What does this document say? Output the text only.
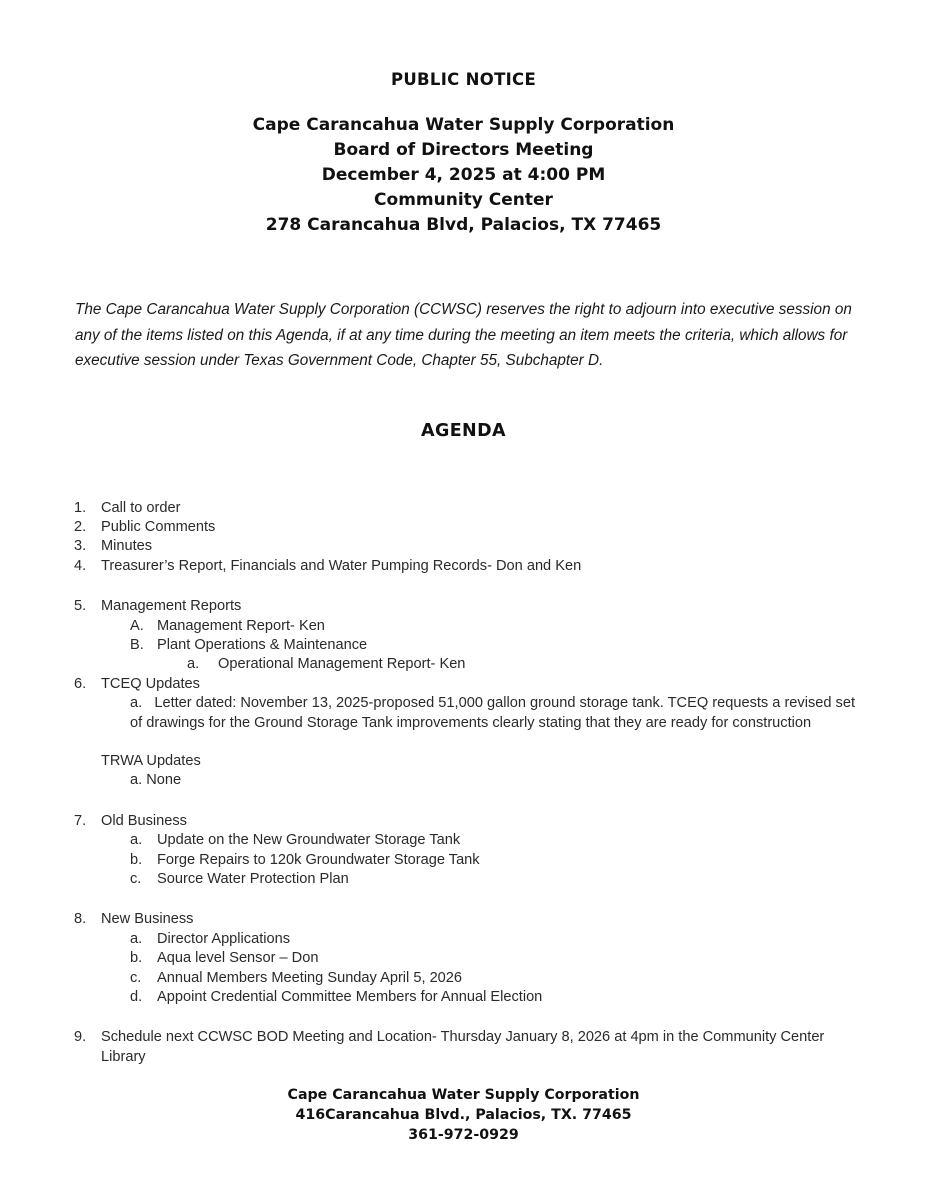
PUBLIC NOTICE
Cape Carancahua Water Supply Corporation
Board of Directors Meeting
December 4, 2025 at 4:00 PM
Community Center
278 Carancahua Blvd, Palacios, TX 77465
The Cape Carancahua Water Supply Corporation (CCWSC) reserves the right to adjourn into executive session on any of the items listed on this Agenda, if at any time during the meeting an item meets the criteria, which allows for executive session under Texas Government Code, Chapter 55, Subchapter D.
AGENDA
1.	Call to order
2.	Public Comments
3.	Minutes
4.	Treasurer’s Report, Financials and Water Pumping Records- Don and Ken
5.	Management Reports
A. Management Report- Ken
B. Plant Operations & Maintenance
a.	Operational Management Report- Ken
6.	TCEQ Updates
a.   Letter dated: November 13, 2025-proposed 51,000 gallon ground storage tank. TCEQ requests a revised set of drawings for the Ground Storage Tank improvements clearly stating that they are ready for construction
TRWA Updates
a. None
7.	Old Business
a.	Update on the New Groundwater Storage Tank
b.	Forge Repairs to 120k Groundwater Storage Tank
c.	Source Water Protection Plan
8.	New Business
a.	Director Applications
b.	Aqua level Sensor – Don
c.	Annual Members Meeting Sunday April 5, 2026
d.	Appoint Credential Committee Members for Annual Election
9.	Schedule next CCWSC BOD Meeting and Location- Thursday January 8, 2026 at 4pm in the Community Center Library
Cape Carancahua Water Supply Corporation
416Carancahua Blvd., Palacios, TX. 77465
361-972-0929
